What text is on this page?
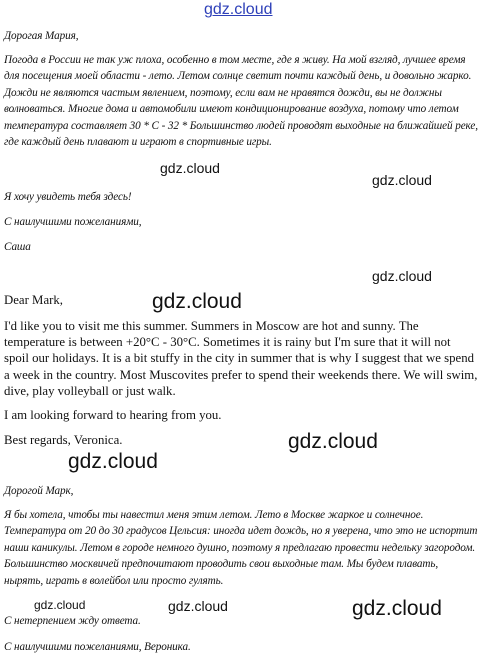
gdz.cloud

Дорогая Мария,

Погода в России не так уж плоха, особенно в том месте, где я живу. На мой взгляд, лучшее время для посещения моей области - лето. Летом солнце светит почти каждый день, и довольно жарко. Дожди не являются частым явлением, поэтому, если вам не нравятся дожди, вы не должны волноваться. Многие дома и автомобили имеют кондиционирование воздуха, потому что летом температура составляет 30 * С - 32 * Большинство людей проводят выходные на ближайшей реке, где каждый день плавают и играют в спортивные игры.

Я хочу увидеть тебя здесь!

С наилучшими пожеланиями,

Саша

Dear Mark,

I'd like you to visit me this summer. Summers in Moscow are hot and sunny. The temperature is between +20°C - 30°C. Sometimes it is rainy but I'm sure that it will not spoil our holidays. It is a bit stuffy in the city in summer that is why I suggest that we spend a week in the country. Most Muscovites prefer to spend their weekends there. We will swim, dive, play volleyball or just walk.

I am looking forward to hearing from you.

Best regards, Veronica.

Дорогой Марк,

Я бы хотела, чтобы ты навестил меня этим летом. Лето в Москве жаркое и солнечное. Температура от 20 до 30 градусов Цельсия: иногда идет дождь, но я уверена, что это не испортит наши каникулы. Летом в городе немного душно, поэтому я предлагаю провести недельку загородом. Большинство москвичей предпочитают проводить свои выходные там. Мы будем плавать, нырять, играть в волейбол или просто гулять.

С нетерпением жду ответа.

С наилучшими пожеланиями, Вероника.

gdz.cloud
gdz.cloud
gdz.cloud
gdz.cloud
gdz.cloud
gdz.cloud
gdz.cloud	gdz.cloud	gdz.cloud
